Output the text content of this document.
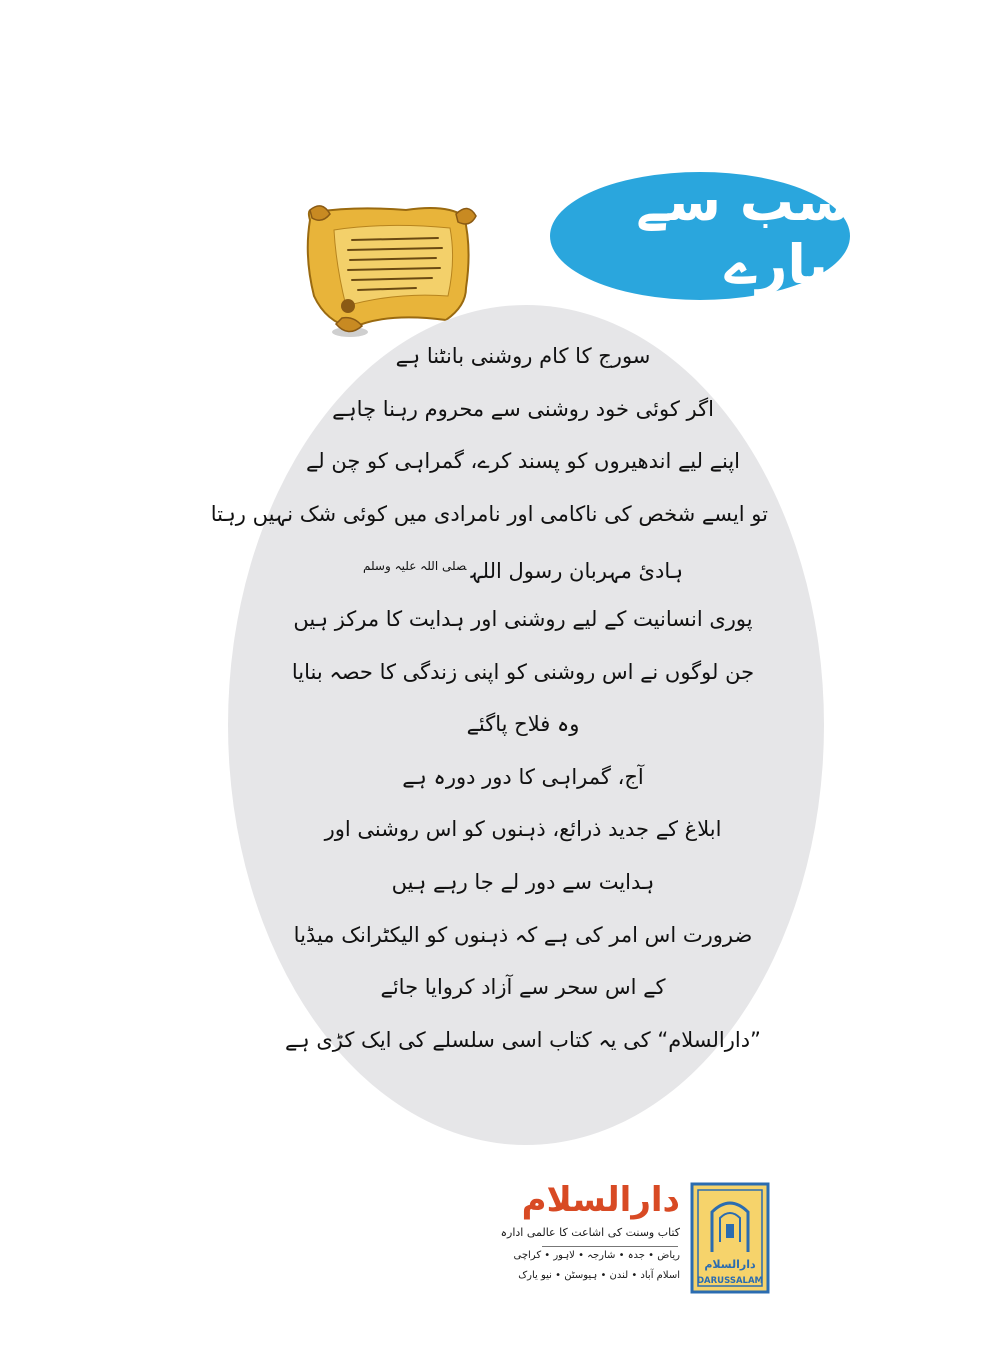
سب سے پیارے
سورج کا کام روشنی بانٹنا ہے
اگر کوئی خود روشنی سے محروم رہنا چاہے
اپنے لیے اندھیروں کو پسند کرے، گمراہی کو چن لے
تو ایسے شخص کی ناکامی اور نامرادی میں کوئی شک نہیں رہتا
ہادئ مہربان رسول اللہ$^{صلی اللہ علیہ وسلم}$
پوری انسانیت کے لیے روشنی اور ہدایت کا مرکز ہیں
جن لوگوں نے اس روشنی کو اپنی زندگی کا حصہ بنایا
وہ فلاح پاگئے
آج، گمراہی کا دور دورہ ہے
ابلاغ کے جدید ذرائع، ذہنوں کو اس روشنی اور
ہدایت سے دور لے جا رہے ہیں
ضرورت اس امر کی ہے کہ ذہنوں کو الیکٹرانک میڈیا
کے اس سحر سے آزاد کروایا جائے
”دارالسلام“ کی یہ کتاب اسی سلسلے کی ایک کڑی ہے
دارالسلام
کتاب وسنت کی اشاعت کا عالمی ادارہ
ریاض • جدہ • شارجہ • لاہور • کراچی
اسلام آباد • لندن • ہیوسٹن • نیو یارک
دارالسلام
DARUSSALAM
